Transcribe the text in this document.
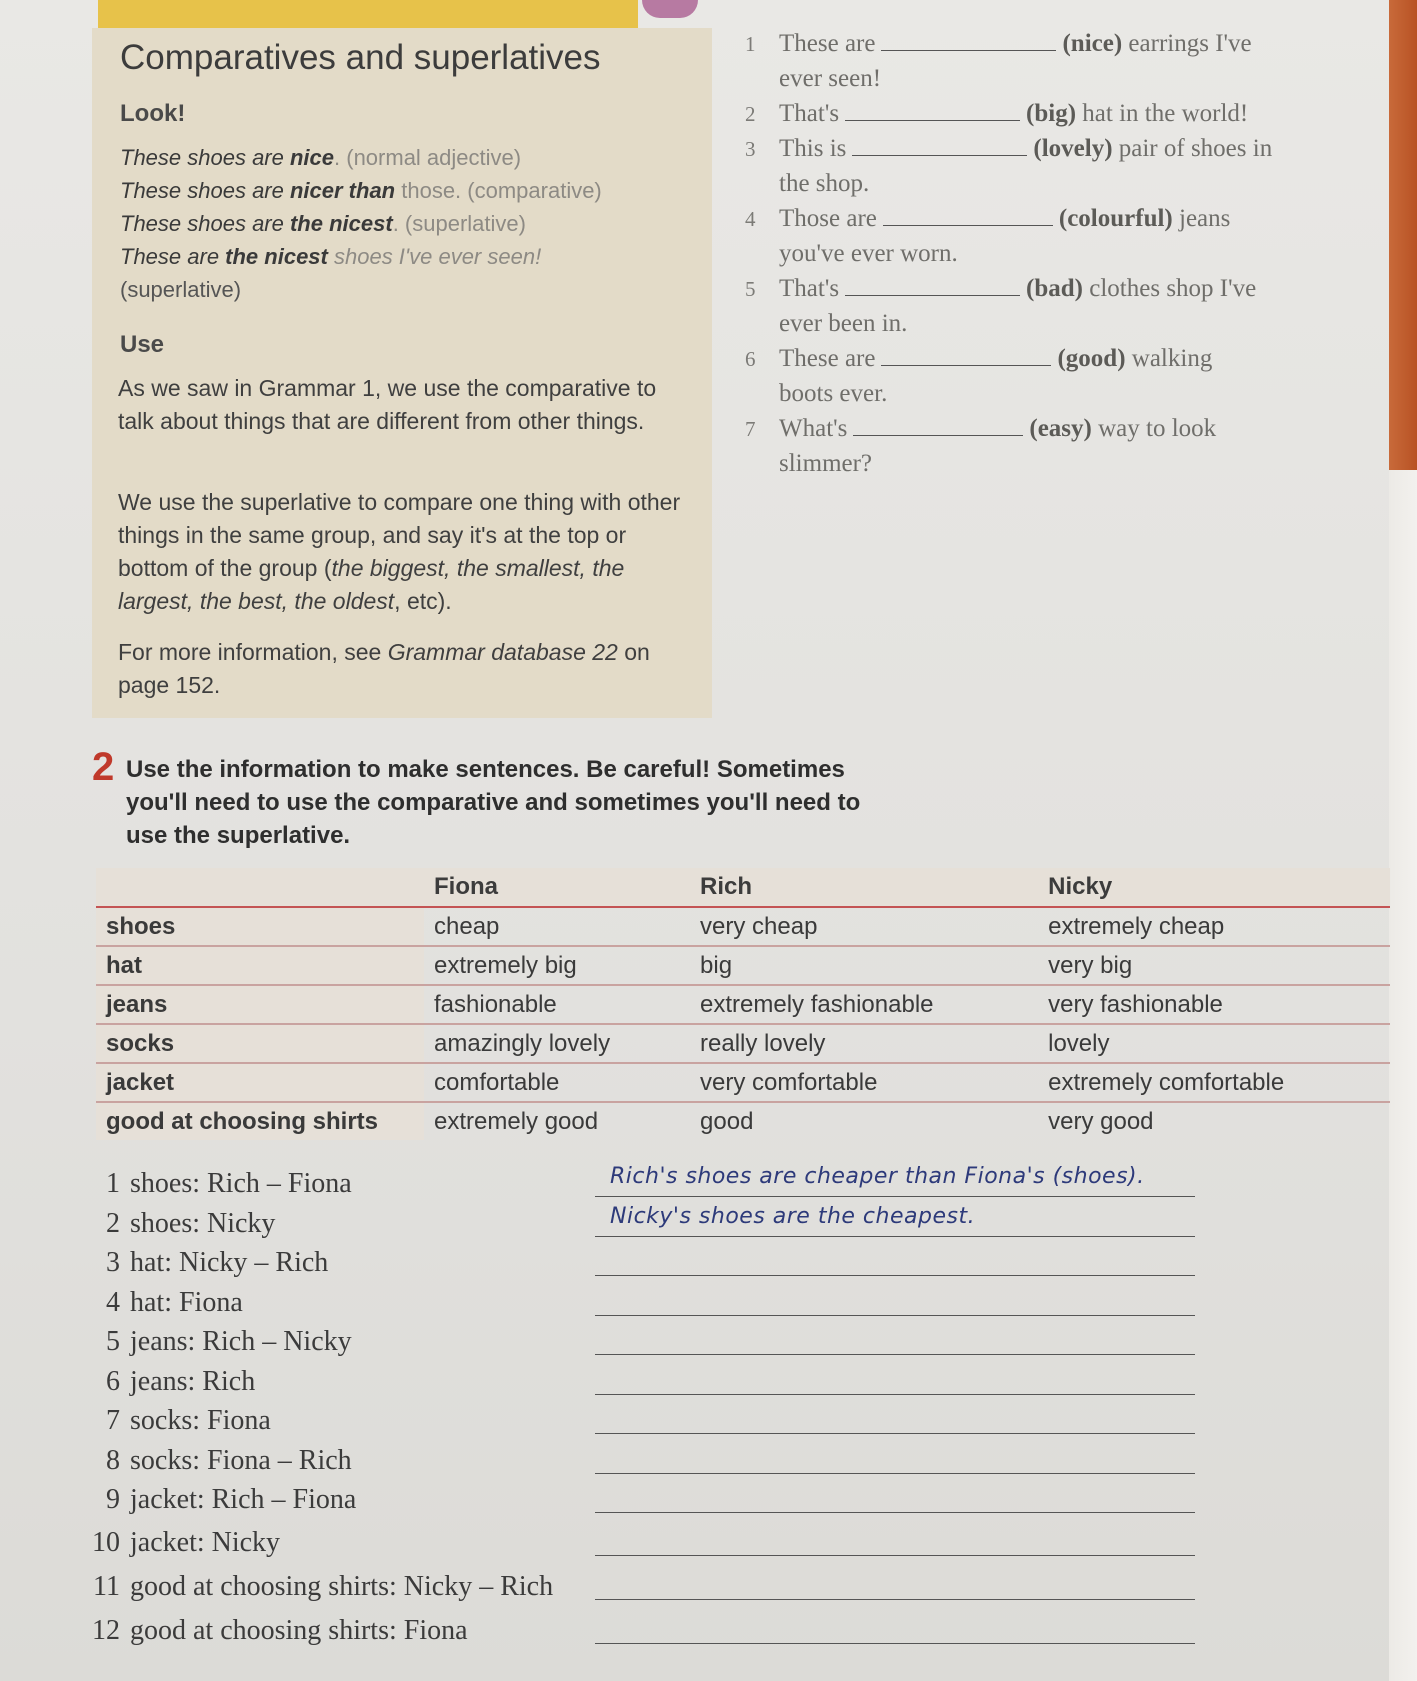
Comparatives and superlatives
Look!
These shoes are nice. (normal adjective)
These shoes are nicer than those. (comparative)
These shoes are the nicest. (superlative)
These are the nicest shoes I've ever seen!
(superlative)
Use
As we saw in Grammar 1, we use the comparative to talk about things that are different from other things.
We use the superlative to compare one thing with other things in the same group, and say it's at the top or bottom of the group (the biggest, the smallest, the largest, the best, the oldest, etc).
For more information, see Grammar database 22 on page 152.
1 These are	(nice) earrings I've
ever seen!
2 That's	(big) hat in the world!
3 This is	(lovely) pair of shoes in
the shop.
4 Those are	(colourful) jeans
you've ever worn.
5 That's	(bad) clothes shop I've
ever been in.
6 These are	(good) walking
boots ever.
7 What's	(easy) way to look
slimmer?
2 Use the information to make sentences. Be careful! Sometimes you'll need to use the comparative and sometimes you'll need to use the superlative.
	Fiona	Rich	Nicky
shoes	cheap	very cheap	extremely cheap
hat	extremely big	big	very big
jeans	fashionable	extremely fashionable	very fashionable
socks	amazingly lovely	really lovely	lovely
jacket	comfortable	very comfortable	extremely comfortable
good at choosing shirts	extremely good	good	very good
1 shoes: Rich – Fiona	Rich's shoes are cheaper than Fiona's (shoes).
2 shoes: Nicky	Nicky's shoes are the cheapest.
3 hat: Nicky – Rich
4 hat: Fiona
5 jeans: Rich – Nicky
6 jeans: Rich
7 socks: Fiona
8 socks: Fiona – Rich
9 jacket: Rich – Fiona
10 jacket: Nicky
11 good at choosing shirts: Nicky – Rich
12 good at choosing shirts: Fiona
